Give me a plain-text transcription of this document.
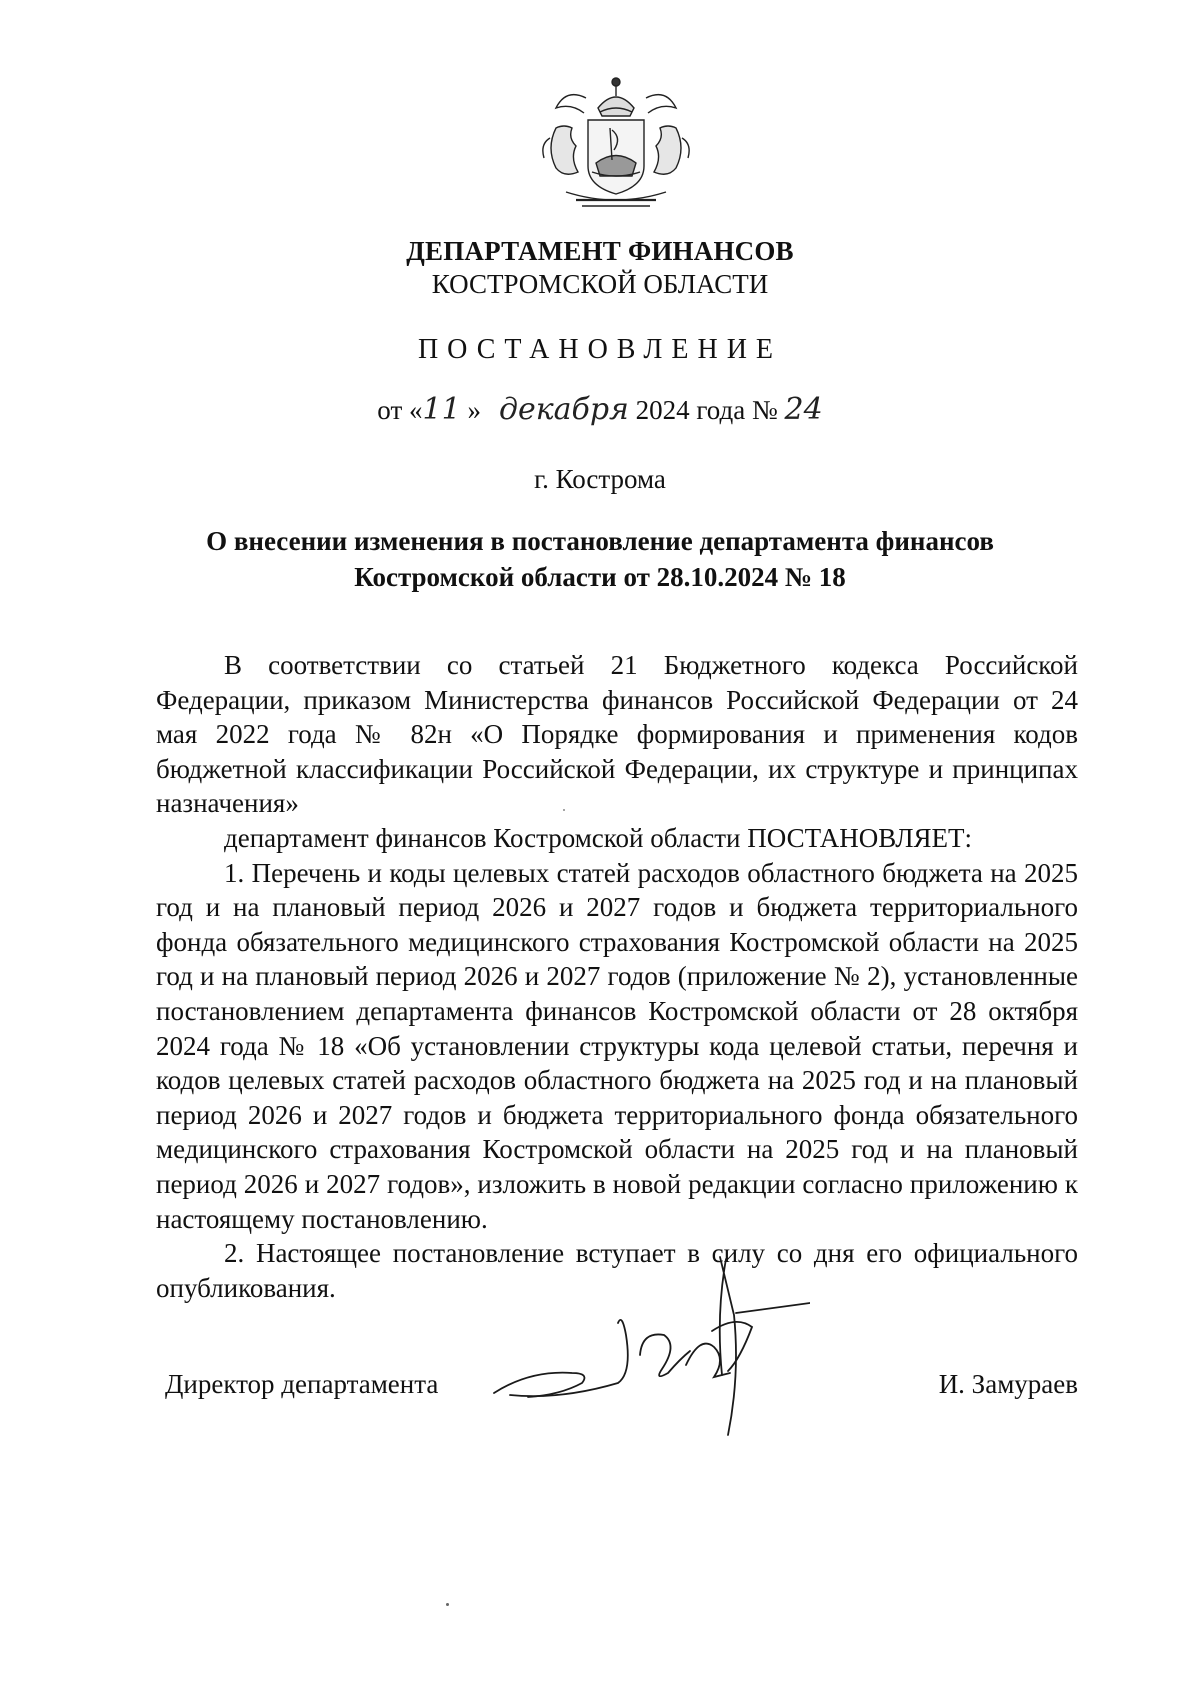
ДЕПАРТАМЕНТ ФИНАНСОВ
КОСТРОМСКОЙ ОБЛАСТИ
ПОСТАНОВЛЕНИЕ
от «11 » декабря 2024 года № 24
г. Кострома
О внесении изменения в постановление департамента финансов
Костромской области от 28.10.2024 № 18

В соответствии со статьей 21 Бюджетного кодекса Российской Федерации, приказом Министерства финансов Российской Федерации от 24 мая 2022 года № 82н «О Порядке формирования и применения кодов бюджетной классификации Российской Федерации, их структуре и принципах назначения»

департамент финансов Костромской области ПОСТАНОВЛЯЕТ:

1. Перечень и коды целевых статей расходов областного бюджета на 2025 год и на плановый период 2026 и 2027 годов и бюджета территориального фонда обязательного медицинского страхования Костромской области на 2025 год и на плановый период 2026 и 2027 годов (приложение № 2), установленные постановлением департамента финансов Костромской области от 28 октября 2024 года № 18 «Об установлении структуры кода целевой статьи, перечня и кодов целевых статей расходов областного бюджета на 2025 год и на плановый период 2026 и 2027 годов и бюджета территориального фонда обязательного медицинского страхования Костромской области на 2025 год и на плановый период 2026 и 2027 годов», изложить в новой редакции согласно приложению к настоящему постановлению.

2. Настоящее постановление вступает в силу со дня его официального опубликования.

Директор департамента	И. Замураев
